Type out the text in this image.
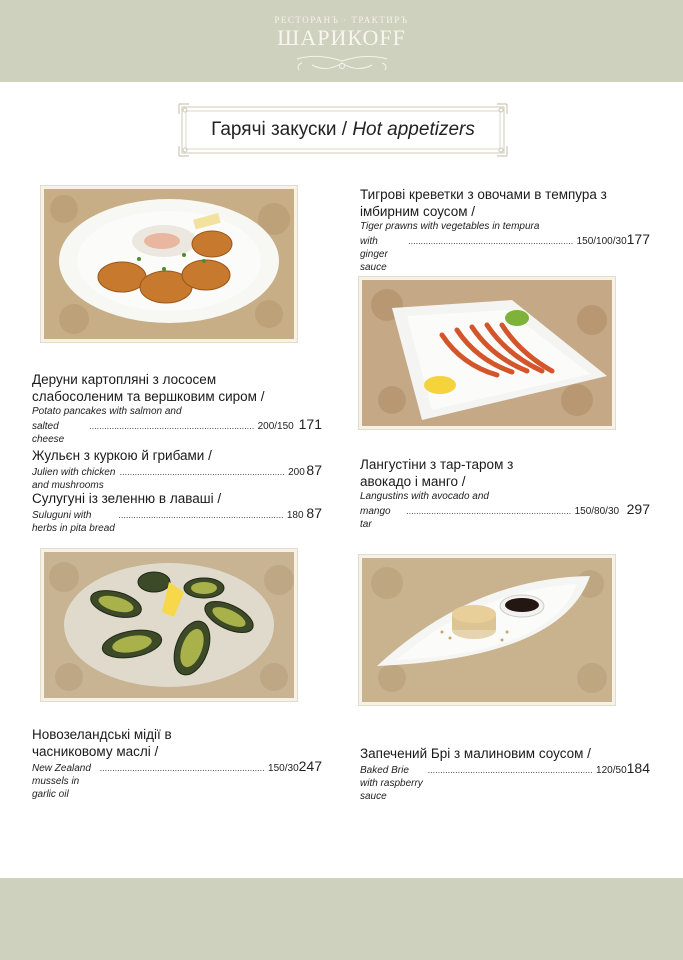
РЕСТОРАНЪ · ТРАКТИРЪ
ШАРИКОFF
Гарячі закуски / Hot appetizers
Тигрові креветки з овочами в темпура з імбирним соусом /
Tiger prawns with vegetables in tempura
with ginger sauce
.................................................................. 150/100/30 177
Деруни картопляні з лососем слабосоленим та вершковим сиром /
Potato pancakes with salmon and
salted cheese
.................................................................. 200/150 171
Жульєн з куркою й грибами /
Julien with chicken and mushrooms
.................................................................. 200 87
Сулугуні із зеленню в лаваші /
Suluguni with herbs in pita bread
.................................................................. 180 87
Лангустіни з тар-таром з авокадо і манго /
Langustins with avocado and
mango tar
.................................................................. 150/80/30 297
Новозеландські мідії в часниковому маслі /
New Zealand mussels in garlic oil
.................................................................. 150/30 247
Запечений Брі з малиновим соусом /
Baked Brie with raspberry sauce
.................................................................. 120/50 184
